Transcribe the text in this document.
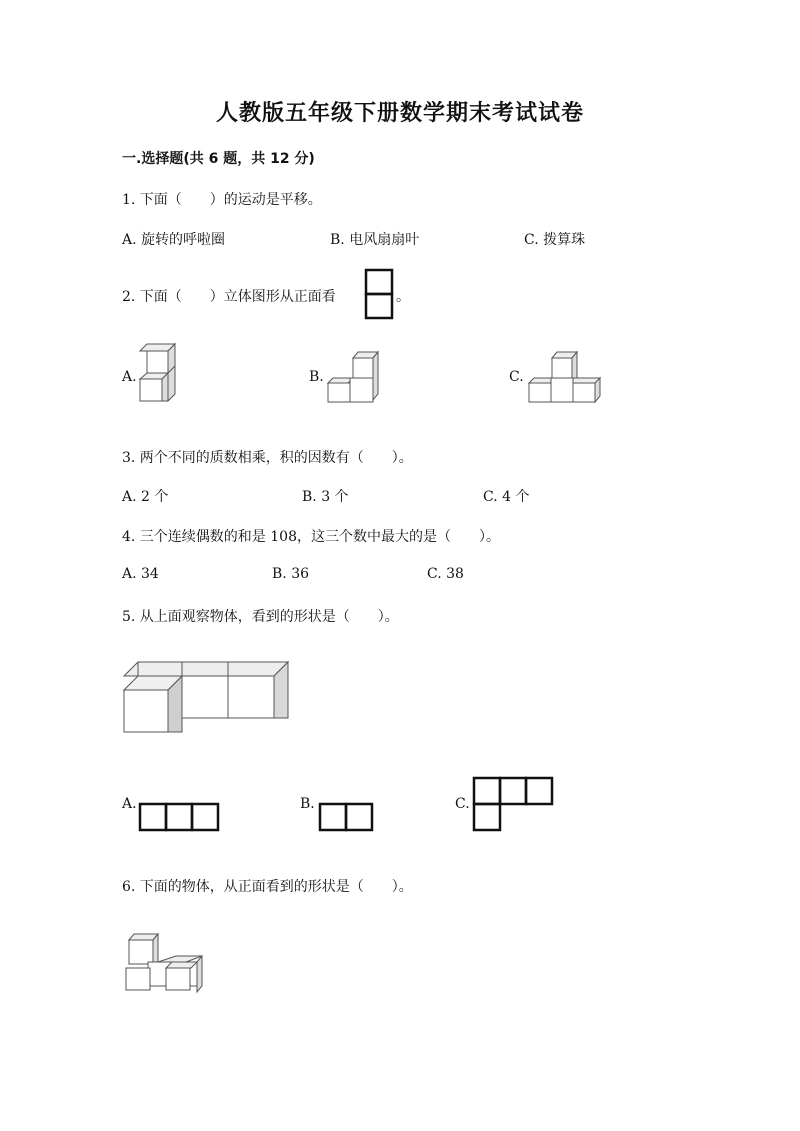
人教版五年级下册数学期末考试试卷
一.选择题(共 6 题，共 12 分)
1. 下面（　　）的运动是平移。
A. 旋转的呼啦圈	B. 电风扇扇叶	C. 拨算珠
2. 下面（　　）立体图形从正面看	。
A.	B.	C.
3. 两个不同的质数相乘，积的因数有（　　）。
A. 2 个	B. 3 个	C. 4 个
4. 三个连续偶数的和是 108，这三个数中最大的是（　　）。
A. 34	B. 36	C. 38
5. 从上面观察物体，看到的形状是（　　）。
A.	B.	C.
6. 下面的物体，从正面看到的形状是（　　）。
